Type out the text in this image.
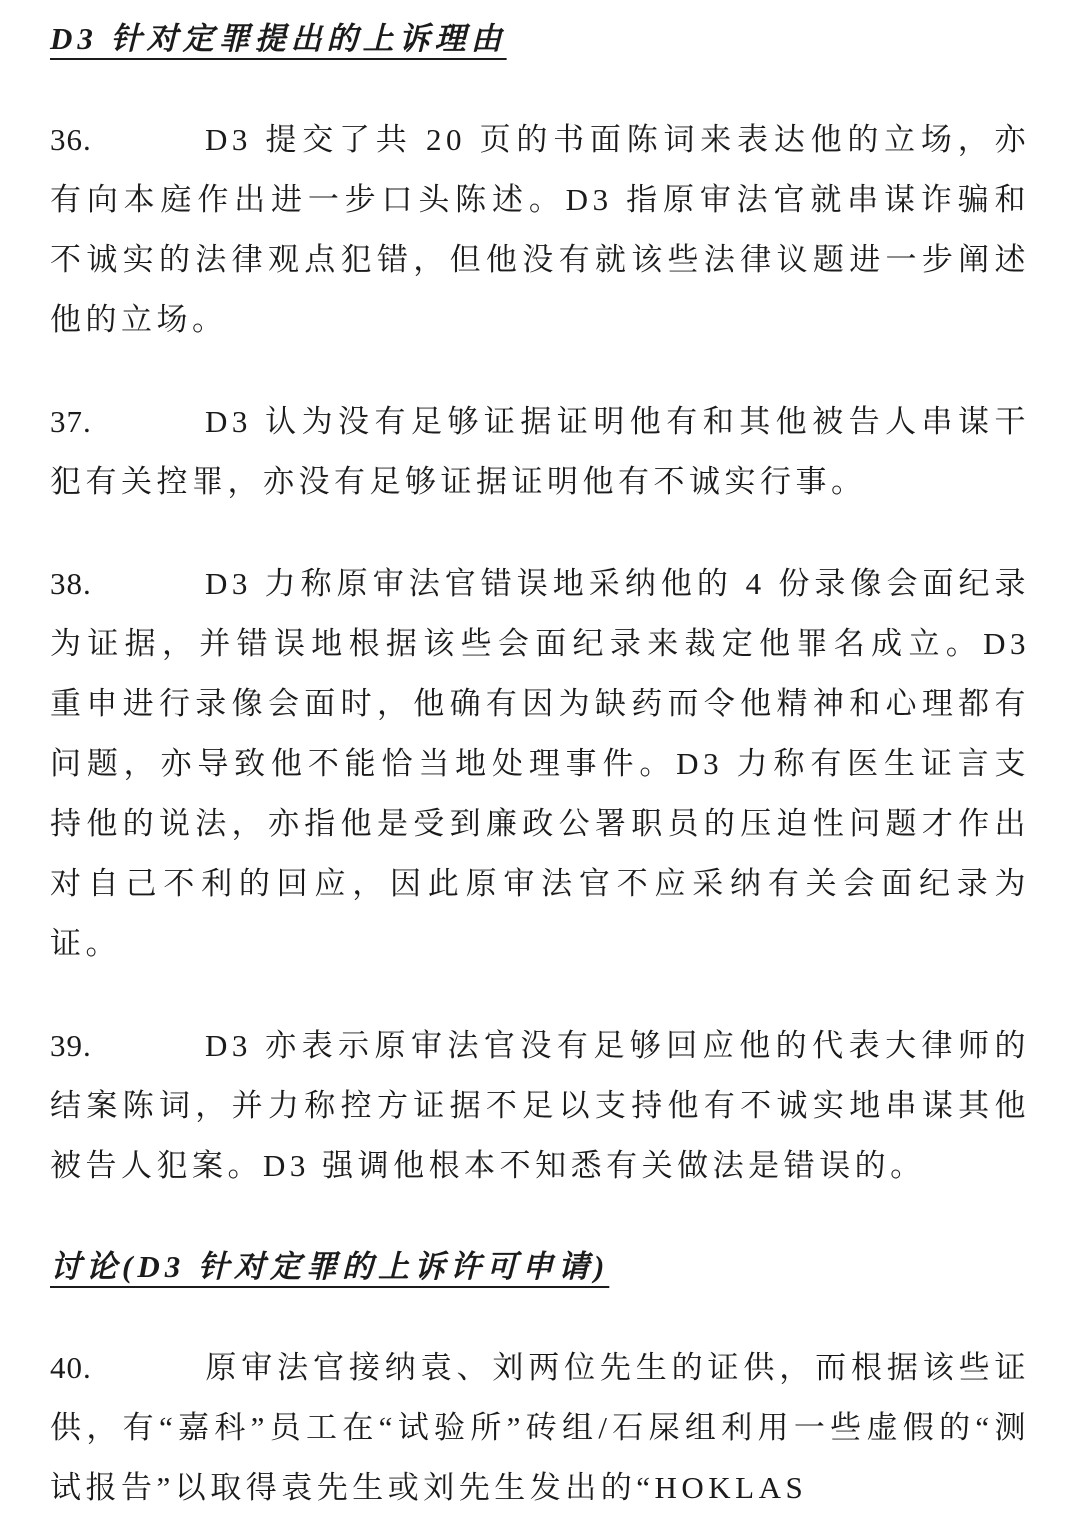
D3 针对定罪提出的上诉理由

36.	D3 提交了共 20 页的书面陈词来表达他的立场，亦有向本庭作出进一步口头陈述。D3 指原审法官就串谋诈骗和不诚实的法律观点犯错，但他没有就该些法律议题进一步阐述他的立场。

37.	D3 认为没有足够证据证明他有和其他被告人串谋干犯有关控罪，亦没有足够证据证明他有不诚实行事。

38.	D3 力称原审法官错误地采纳他的 4 份录像会面纪录为证据，并错误地根据该些会面纪录来裁定他罪名成立。D3 重申进行录像会面时，他确有因为缺药而令他精神和心理都有问题，亦导致他不能恰当地处理事件。D3 力称有医生证言支持他的说法，亦指他是受到廉政公署职员的压迫性问题才作出对自己不利的回应，因此原审法官不应采纳有关会面纪录为证。

39.	D3 亦表示原审法官没有足够回应他的代表大律师的结案陈词，并力称控方证据不足以支持他有不诚实地串谋其他被告人犯案。D3 强调他根本不知悉有关做法是错误的。

讨论(D3 针对定罪的上诉许可申请)

40.	原审法官接纳袁、刘两位先生的证供，而根据该些证供，有“嘉科”员工在“试验所”砖组/石屎组利用一些虚假的“测试报告”以取得袁先生或刘先生发出的“HOKLAS
